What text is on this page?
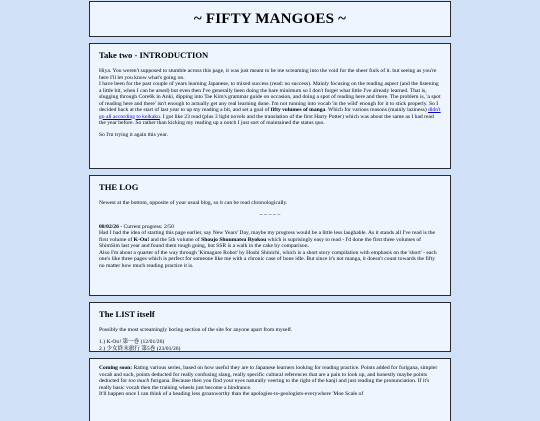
~ FIFTY MANGOES ~
Take two - INTRODUCTION

Hiya. You weren't supposed to stumble across this page, it was just meant to be me screaming into the void for the sheer fuck of it. but seeing as you're here I'll let you know what's going on.
I have been for the past couple of years learning Japanese, to mixed success (read: no success). Mainly focusing on the reading aspect (and the listening a little bit, when I can be arsed) but even then I've generally been doing the bare minimum so I don't forget what little I've already learned. That is, slugging through Core6k in Anki, dipping into Tae Kim's grammar guide on occasion, and doing a spot of reading here and there. The problem is, 'a spot of reading here and there' isn't enough to actually get any real learning done. I'm not running into vocab 'in the wild' enough for it to stick properly. So I decided back at the start of last year to up my reading a bit, and set a goal of fifty volumes of manga. Which for various reasons (mainly laziness) didn't go all according to keikaku. I got like 23 read (plus 3 light novels and the translation of the first Harry Potter) which was about the same as I had read the year before. So rather than kicking my reading up a notch I just sort of maintained the status quo.

So I'm trying it again this year.

THE LOG

Newest at the bottom, opposite of your usual blog, so it can be read chronologically.

~ ~ ~ ~ ~

08/02/26 - Current progress: 2/50
Had I had the idea of starting this page earlier, say New Years' Day, maybe my progress would be a little less laughable. As it stands all I've read is the first volume of K-On! and the 5th volume of Shoujo Shuumatsu Ryokou which is suprisingly easy to read - I'd done the first three volumes of ShimSim last year and found them tough going, but SSR is a walk in the cake by comparison.
Also I'm about a quarter of the way through 'Kimagure Robot' by Hoshi Shinichi, which is a short story compilation with emphasis on the 'short' - each one's like three pages which is perfect for someone like me with a chronic case of bone idle. But since it's not manga, it doesn't count towards the fifty no matter how much reading practice it is.

The LIST itself

Possibly the most screamingly boring section of the site for anyone apart from myself.

1.) K-On! 第一巻 (12/01/26)
2.) 少女終末旅行 第5巻 (23/01/26)

Coming soon: Rating various series, based on how useful they are to Japanese learners looking for reading practice. Points added for furigana, simpler vocab and such, points deducted for really confusing slang, really specific cultural references that are a pain to look up, and honestly maybe points deducted for too much furigana. Because then you find your eyes naturally veering to the right of the kanji and just reading the pronunciation. If it's really basic vocab then the training wheels just become a hindrance.
It'll happen once I can think of a heading less groanworthy than the apologies-to-geologists-everywhere 'Moe Scale of
